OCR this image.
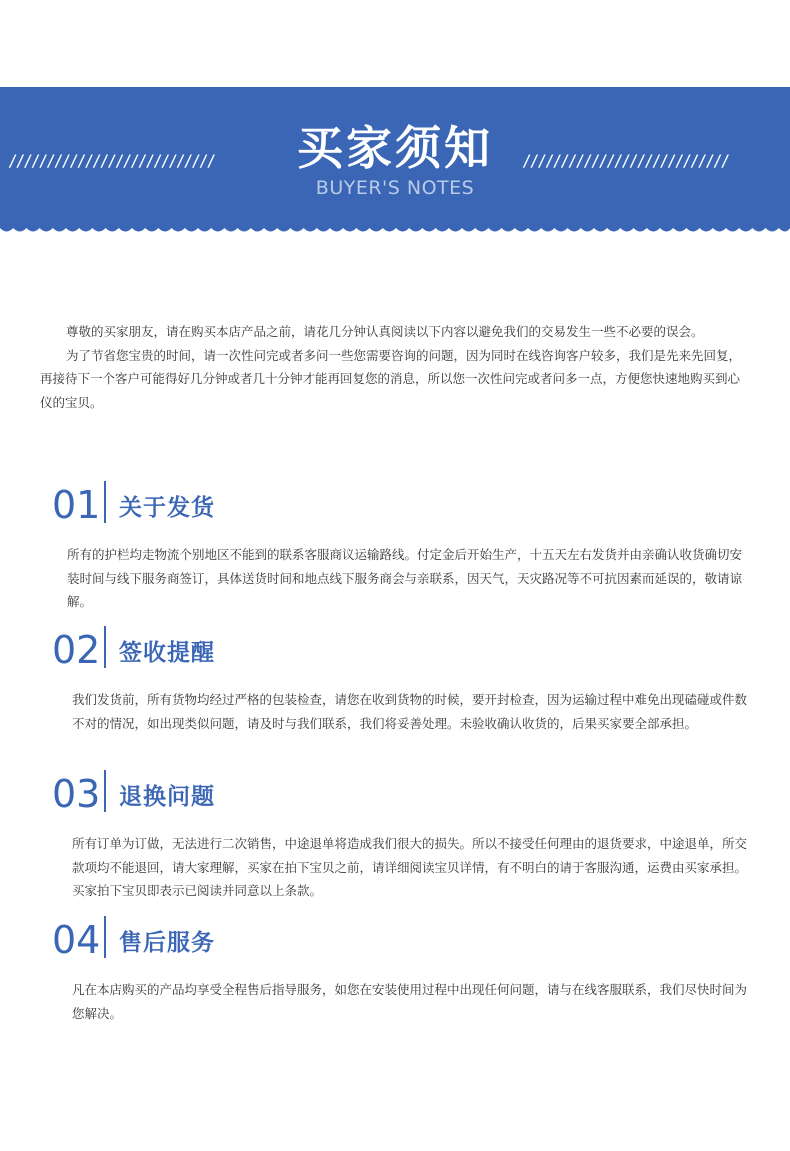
///////////////////////////	///////////////////////////
买家须知
BUYER'S NOTES

尊敬的买家朋友，请在购买本店产品之前，请花几分钟认真阅读以下内容以避免我们的交易发生一些不必要的误会。

为了节省您宝贵的时间，请一次性问完或者多问一些您需要咨询的问题，因为同时在线咨询客户较多，我们是先来先回复，再接待下一个客户可能得好几分钟或者几十分钟才能再回复您的消息，所以您一次性问完或者问多一点，方便您快速地购买到心仪的宝贝。

01 关于发货

所有的护栏均走物流个别地区不能到的联系客服商议运输路线。付定金后开始生产，十五天左右发货并由亲确认收货确切安装时间与线下服务商签订，具体送货时间和地点线下服务商会与亲联系，因天气，天灾路况等不可抗因素而延误的，敬请谅解。

02 签收提醒

我们发货前，所有货物均经过严格的包装检查，请您在收到货物的时候，要开封检查，因为运输过程中难免出现磕碰或件数不对的情况，如出现类似问题，请及时与我们联系，我们将妥善处理。未验收确认收货的，后果买家要全部承担。

03 退换问题

所有订单为订做，无法进行二次销售，中途退单将造成我们很大的损失。所以不接受任何理由的退货要求，中途退单，所交款项均不能退回，请大家理解，买家在拍下宝贝之前，请详细阅读宝贝详情，有不明白的请于客服沟通，运费由买家承担。买家拍下宝贝即表示已阅读并同意以上条款。

04 售后服务

凡在本店购买的产品均享受全程售后指导服务，如您在安装使用过程中出现任何问题，请与在线客服联系，我们尽快时间为您解决。
